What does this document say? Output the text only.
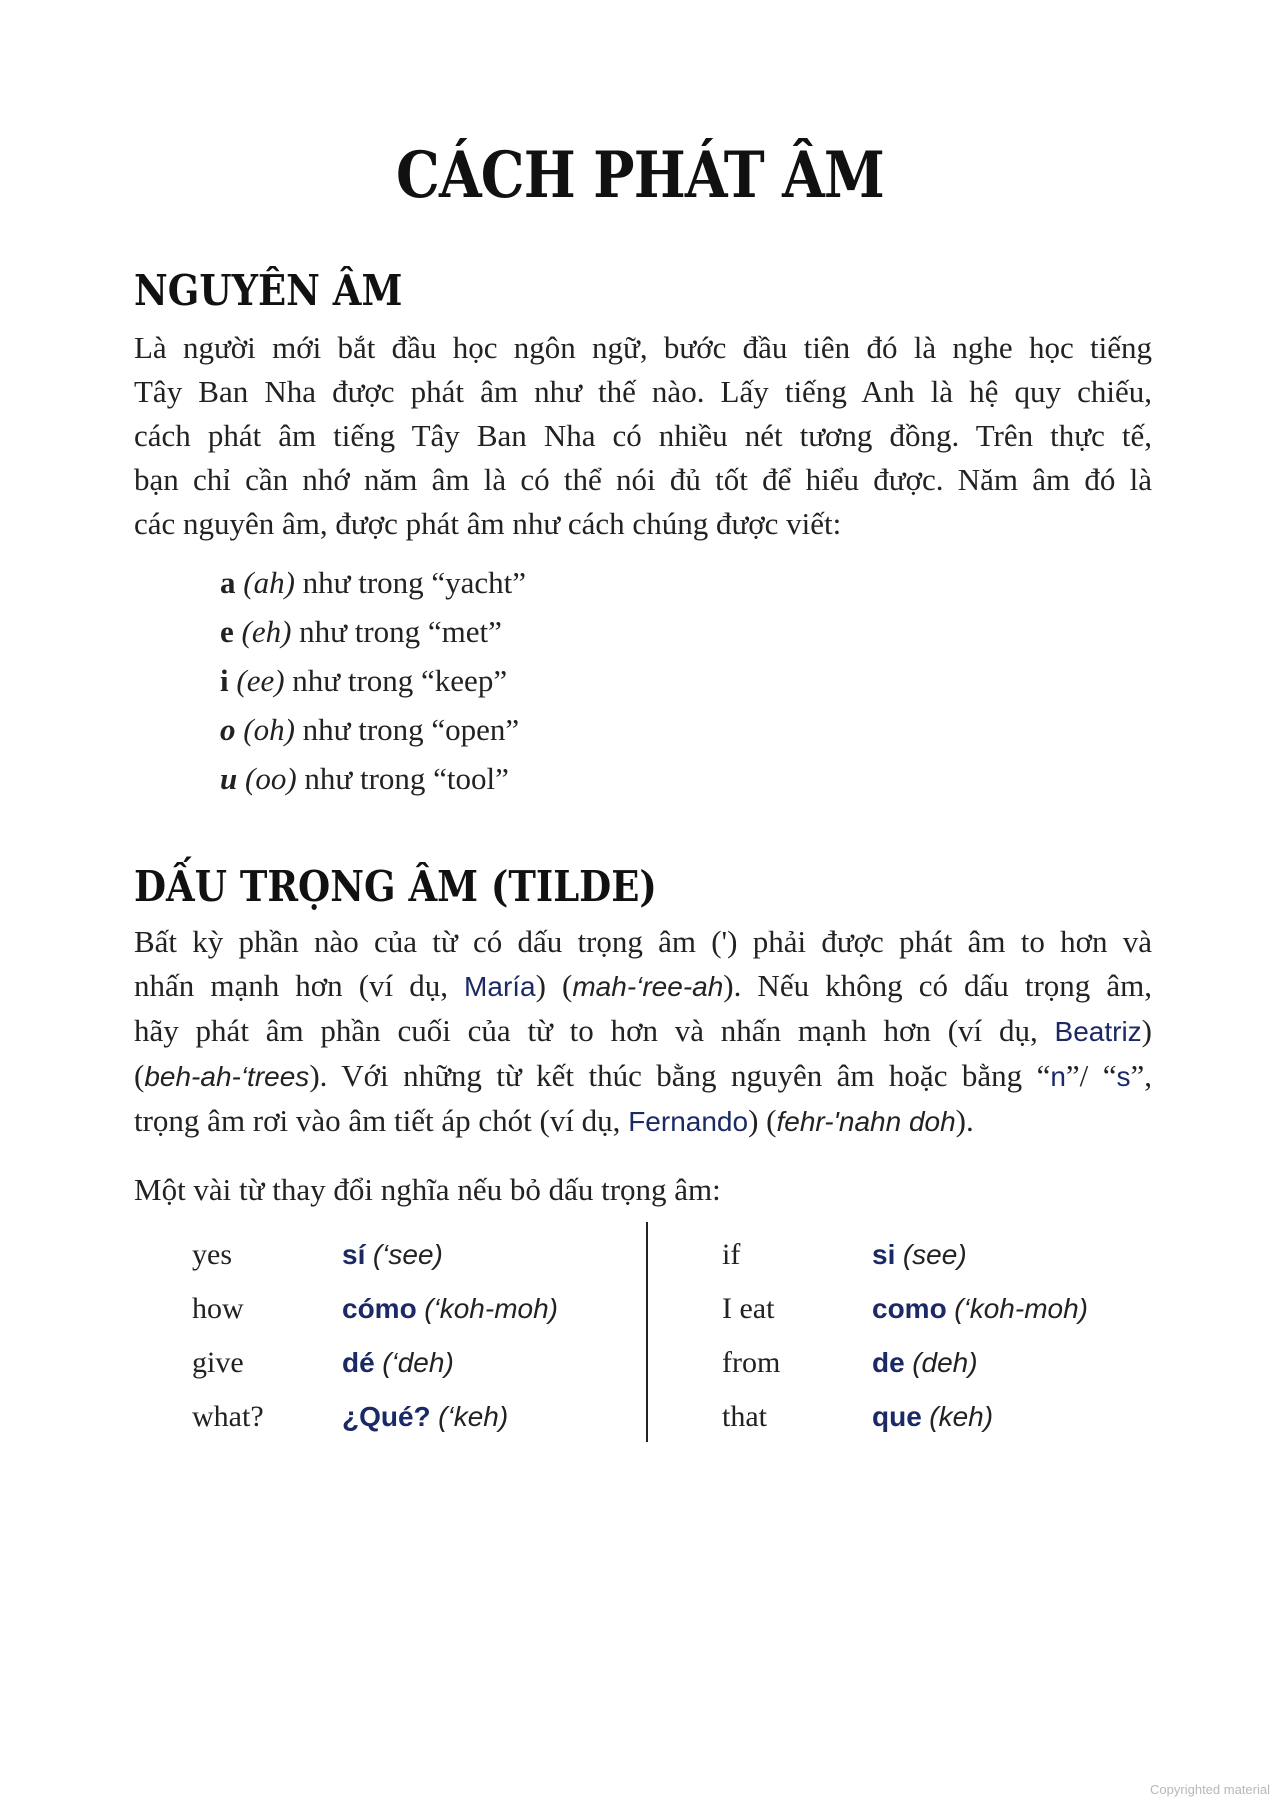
CÁCH PHÁT ÂM
NGUYÊN ÂM
Là người mới bắt đầu học ngôn ngữ, bước đầu tiên đó là nghe học tiếng
Tây Ban Nha được phát âm như thế nào. Lấy tiếng Anh là hệ quy chiếu,
cách phát âm tiếng Tây Ban Nha có nhiều nét tương đồng. Trên thực tế,
bạn chỉ cần nhớ năm âm là có thể nói đủ tốt để hiểu được. Năm âm đó là
các nguyên âm, được phát âm như cách chúng được viết:
a (ah) như trong “yacht”
e (eh) như trong “met”
i (ee) như trong “keep”
o (oh) như trong “open”
u (oo) như trong “tool”
DẤU TRỌNG ÂM (TILDE)
Bất kỳ phần nào của từ có dấu trọng âm (') phải được phát âm to hơn và
nhấn mạnh hơn (ví dụ, María) (mah-‘ree-ah). Nếu không có dấu trọng âm,
hãy phát âm phần cuối của từ to hơn và nhấn mạnh hơn (ví dụ, Beatriz)
(beh-ah-‘trees). Với những từ kết thúc bằng nguyên âm hoặc bằng “n”/ “s”,
trọng âm rơi vào âm tiết áp chót (ví dụ, Fernando) (fehr-'nahn doh).
Một vài từ thay đổi nghĩa nếu bỏ dấu trọng âm:
yes	sí (‘see)	if	si (see)
how	cómo (‘koh-moh)	I eat	como (‘koh-moh)
give	dé (‘deh)	from	de (deh)
what?	¿Qué? (‘keh)	that	que (keh)
Copyrighted material
